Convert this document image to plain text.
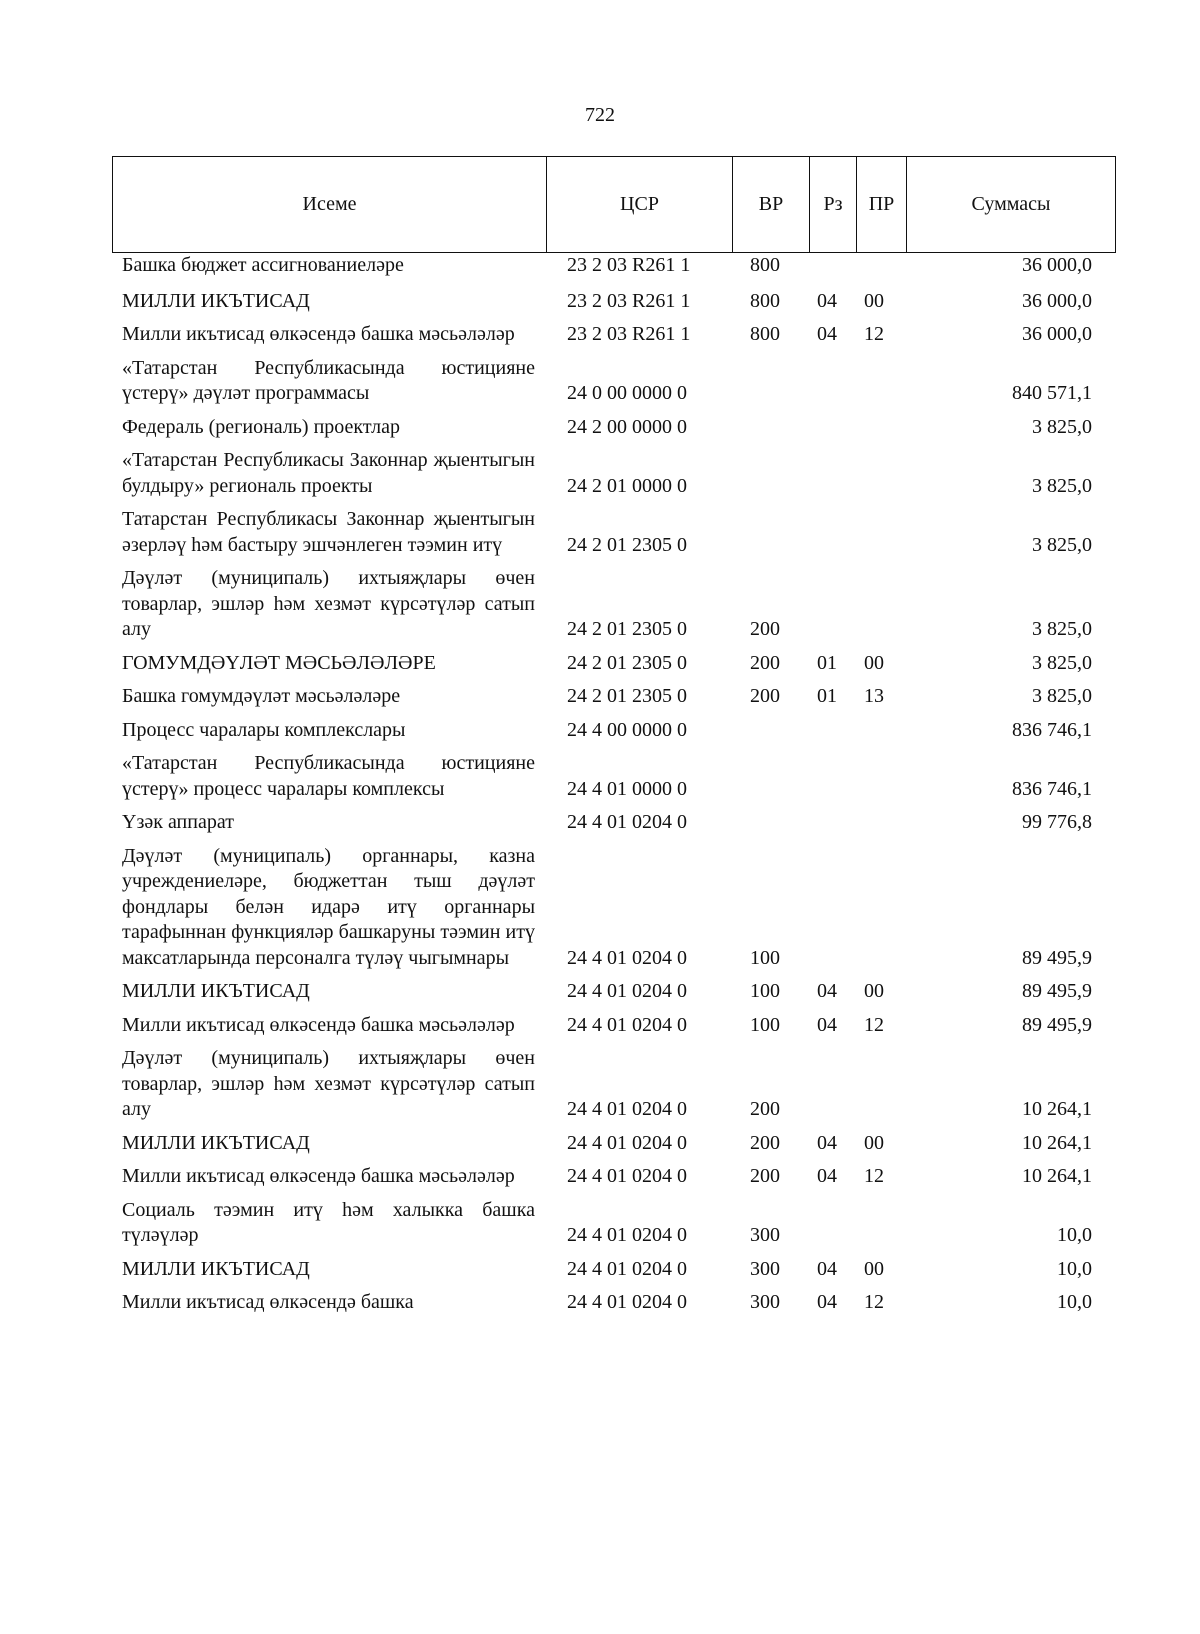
722
Исеме	ЦСР	ВР	Рз	ПР	Суммасы
Башка бюджет ассигнованиеләре	23 2 03 R261 1	800	36 000,0
МИЛЛИ ИКЪТИСАД	23 2 03 R261 1	800 04 00	36 000,0
Милли икътисад өлкәсендә башка мәсьәләләр	23 2 03 R261 1	800 04 12	36 000,0
«Татарстан Республикасында юстицияне үстерү» дәүләт программасы	24 0 00 0000 0	840 571,1
Федераль (региональ) проектлар	24 2 00 0000 0	3 825,0
«Татарстан Республикасы Законнар җыентыгын булдыру» региональ проекты	24 2 01 0000 0	3 825,0
Татарстан Республикасы Законнар җыентыгын әзерләү һәм бастыру эшчәнлеген тәэмин итү	24 2 01 2305 0	3 825,0
Дәүләт (муниципаль) ихтыяҗлары өчен товарлар, эшләр һәм хезмәт күрсәтүләр сатып алу	24 2 01 2305 0	200	3 825,0
ГОМУМДӘҮЛӘТ МӘСЬӘЛӘЛӘРЕ	24 2 01 2305 0	200 01 00	3 825,0
Башка гомумдәүләт мәсьәләләре	24 2 01 2305 0	200 01 13	3 825,0
Процесс чаралары комплекслары	24 4 00 0000 0	836 746,1
«Татарстан Республикасында юстицияне үстерү» процесс чаралары комплексы	24 4 01 0000 0	836 746,1
Үзәк аппарат	24 4 01 0204 0	99 776,8
Дәүләт (муниципаль) органнары, казна учреждениеләре, бюджеттан тыш дәүләт фондлары белән идарә итү органнары тарафыннан функцияләр башкаруны тәэмин итү максатларында персоналга түләү чыгымнары	24 4 01 0204 0	100	89 495,9
МИЛЛИ ИКЪТИСАД	24 4 01 0204 0	100 04 00	89 495,9
Милли икътисад өлкәсендә башка мәсьәләләр	24 4 01 0204 0	100 04 12	89 495,9
Дәүләт (муниципаль) ихтыяҗлары өчен товарлар, эшләр һәм хезмәт күрсәтүләр сатып алу	24 4 01 0204 0	200	10 264,1
МИЛЛИ ИКЪТИСАД	24 4 01 0204 0	200 04 00	10 264,1
Милли икътисад өлкәсендә башка мәсьәләләр	24 4 01 0204 0	200 04 12	10 264,1
Социаль тәэмин итү һәм халыкка башка түләүләр	24 4 01 0204 0	300	10,0
МИЛЛИ ИКЪТИСАД	24 4 01 0204 0	300 04 00	10,0
Милли икътисад өлкәсендә башка	24 4 01 0204 0	300 04 12	10,0
